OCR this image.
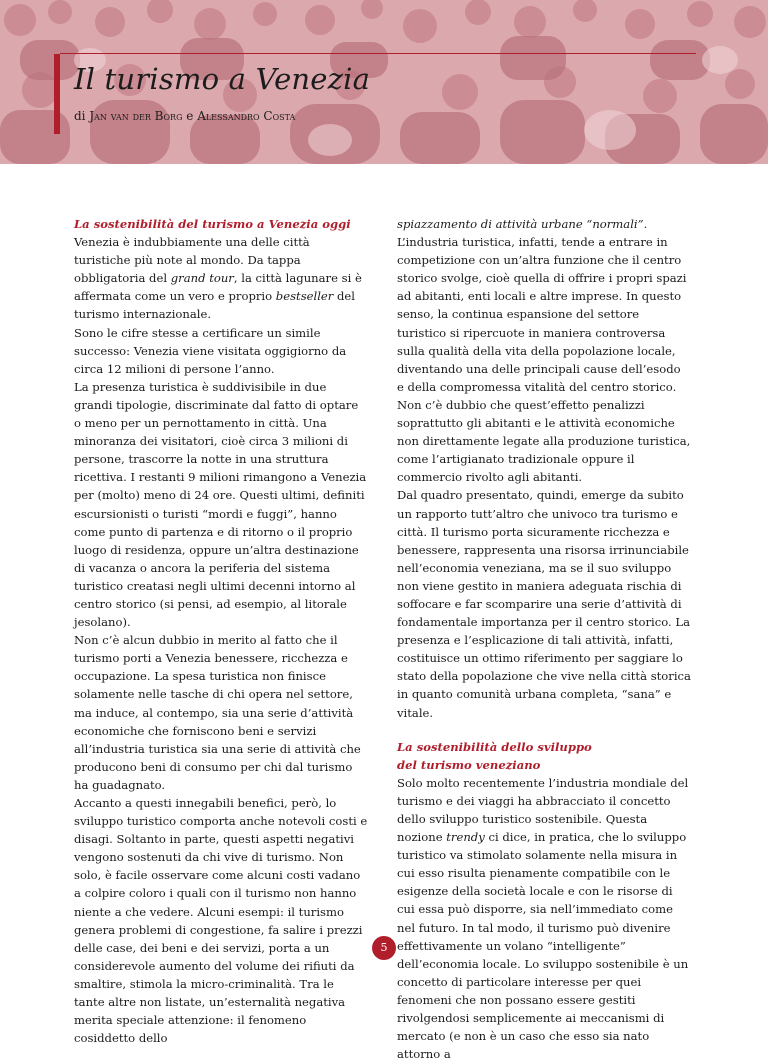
Il turismo a Venezia
di Jan van der Borg e Alessandro Costa

La sostenibilità del turismo a Venezia oggi

Venezia è indubbiamente una delle città turistiche più note al mondo. Da tappa obbligatoria del grand tour, la città lagunare si è affermata come un vero e proprio bestseller del turismo internazionale.

Sono le cifre stesse a certificare un simile successo: Venezia viene visitata oggigiorno da circa 12 milioni di persone l’anno.

La presenza turistica è suddivisibile in due grandi tipologie, discriminate dal fatto di optare o meno per un pernottamento in città. Una minoranza dei visitatori, cioè circa 3 milioni di persone, trascorre la notte in una struttura ricettiva. I restanti 9 milioni rimangono a Venezia per (molto) meno di 24 ore. Questi ultimi, definiti escursionisti o turisti “mordi e fuggi”, hanno come punto di partenza e di ritorno o il proprio luogo di residenza, oppure un’altra destinazione di vacanza o ancora la periferia del sistema turistico creatasi negli ultimi decenni intorno al centro storico (si pensi, ad esempio, al litorale jesolano).

Non c’è alcun dubbio in merito al fatto che il turismo porti a Venezia benessere, ricchezza e occupazione. La spesa turistica non finisce solamente nelle tasche di chi opera nel settore, ma induce, al contempo, sia una serie d’attività economiche che forniscono beni e servizi all’industria turistica sia una serie di attività che producono beni di consumo per chi dal turismo ha guadagnato.

Accanto a questi innegabili benefici, però, lo sviluppo turistico comporta anche notevoli costi e disagi. Soltanto in parte, questi aspetti negativi vengono sostenuti da chi vive di turismo. Non solo, è facile osservare come alcuni costi vadano a colpire coloro i quali con il turismo non hanno niente a che vedere. Alcuni esempi: il turismo genera problemi di congestione, fa salire i prezzi delle case, dei beni e dei servizi, porta a un considerevole aumento del volume dei rifiuti da smaltire, stimola la micro-criminalità. Tra le tante altre non listate, un’esternalità negativa merita speciale attenzione: il fenomeno cosiddetto dello

spiazzamento di attività urbane “normali”. L’industria turistica, infatti, tende a entrare in competizione con un’altra funzione che il centro storico svolge, cioè quella di offrire i propri spazi ad abitanti, enti locali e altre imprese. In questo senso, la continua espansione del settore turistico si ripercuote in maniera controversa sulla qualità della vita della popolazione locale, diventando una delle principali cause dell’esodo e della compromessa vitalità del centro storico. Non c’è dubbio che quest’effetto penalizzi soprattutto gli abitanti e le attività economiche non direttamente legate alla produzione turistica, come l’artigianato tradizionale oppure il commercio rivolto agli abitanti.

Dal quadro presentato, quindi, emerge da subito un rapporto tutt’altro che univoco tra turismo e città. Il turismo porta sicuramente ricchezza e benessere, rappresenta una risorsa irrinunciabile nell’economia veneziana, ma se il suo sviluppo non viene gestito in maniera adeguata rischia di soffocare e far scomparire una serie d’attività di fondamentale importanza per il centro storico. La presenza e l’esplicazione di tali attività, infatti, costituisce un ottimo riferimento per saggiare lo stato della popolazione che vive nella città storica in quanto comunità urbana completa, “sana” e vitale.

La sostenibilità dello sviluppo
del turismo veneziano

Solo molto recentemente l’industria mondiale del turismo e dei viaggi ha abbracciato il concetto dello sviluppo turistico sostenibile. Questa nozione trendy ci dice, in pratica, che lo sviluppo turistico va stimolato solamente nella misura in cui esso risulta pienamente compatibile con le esigenze della società locale e con le risorse di cui essa può disporre, sia nell’immediato come nel futuro. In tal modo, il turismo può divenire effettivamente un volano “intelligente” dell’economia locale. Lo sviluppo sostenibile è un concetto di particolare interesse per quei fenomeni che non possano essere gestiti rivolgendosi semplicemente ai meccanismi di mercato (e non è un caso che esso sia nato attorno a

5
